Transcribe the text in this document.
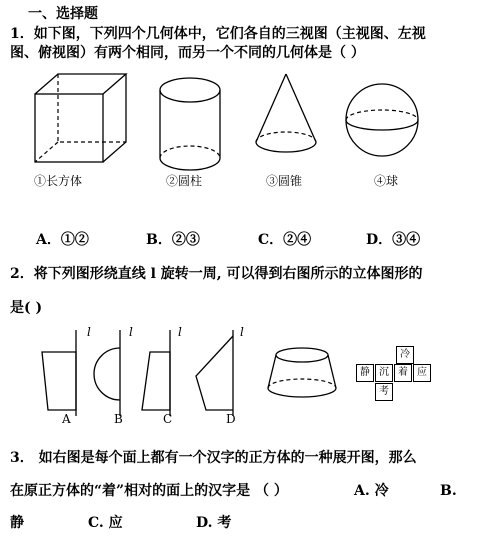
一、选择题
1．如下图，下列四个几何体中，它们各自的三视图（主视图、左视
图、俯视图）有两个相同，而另一个不同的几何体是（ ）
①长方体	②圆柱	③圆锥	④球
A．①②	B．②③	C．②④	D．③④
2．将下列图形绕直线 l 旋转一周, 可以得到右图所示的立体图形的
是( )
l	l	l	l
A	B	C	D
冷
静 沉 着 应
考
3． 如右图是每个面上都有一个汉字的正方体的一种展开图，那么
在原正方体的“着”相对的面上的汉字是 （ ）	A. 冷	B.
静	C. 应	D. 考
